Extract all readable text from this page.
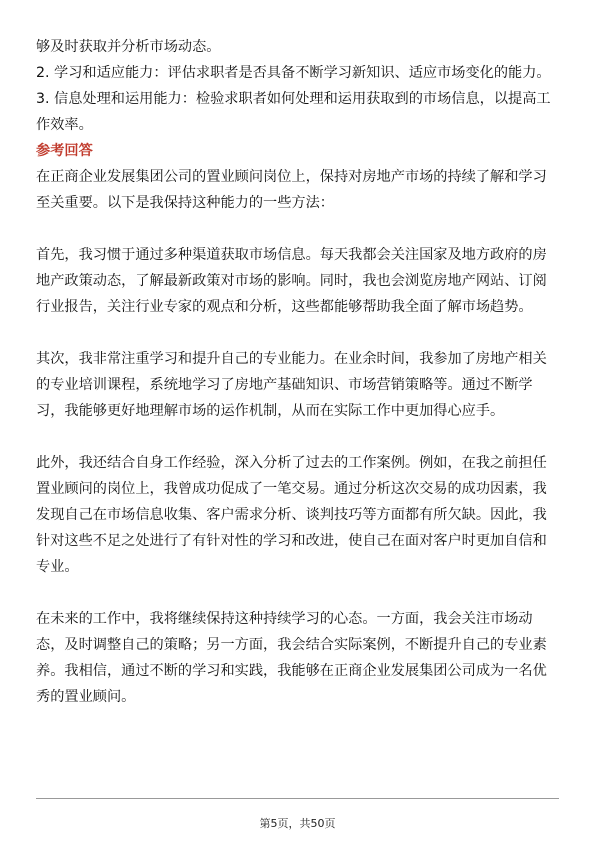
够及时获取并分析市场动态。
2. 学习和适应能力：评估求职者是否具备不断学习新知识、适应市场变化的能力。
3. 信息处理和运用能力：检验求职者如何处理和运用获取到的市场信息，以提高工
作效率。
参考回答
在正商企业发展集团公司的置业顾问岗位上，保持对房地产市场的持续了解和学习
至关重要。以下是我保持这种能力的一些方法：
首先，我习惯于通过多种渠道获取市场信息。每天我都会关注国家及地方政府的房
地产政策动态，了解最新政策对市场的影响。同时，我也会浏览房地产网站、订阅
行业报告，关注行业专家的观点和分析，这些都能够帮助我全面了解市场趋势。
其次，我非常注重学习和提升自己的专业能力。在业余时间，我参加了房地产相关
的专业培训课程，系统地学习了房地产基础知识、市场营销策略等。通过不断学
习，我能够更好地理解市场的运作机制，从而在实际工作中更加得心应手。
此外，我还结合自身工作经验，深入分析了过去的工作案例。例如，在我之前担任
置业顾问的岗位上，我曾成功促成了一笔交易。通过分析这次交易的成功因素，我
发现自己在市场信息收集、客户需求分析、谈判技巧等方面都有所欠缺。因此，我
针对这些不足之处进行了有针对性的学习和改进，使自己在面对客户时更加自信和
专业。
在未来的工作中，我将继续保持这种持续学习的心态。一方面，我会关注市场动
态，及时调整自己的策略；另一方面，我会结合实际案例，不断提升自己的专业素
养。我相信，通过不断的学习和实践，我能够在正商企业发展集团公司成为一名优
秀的置业顾问。
第5页，共50页
